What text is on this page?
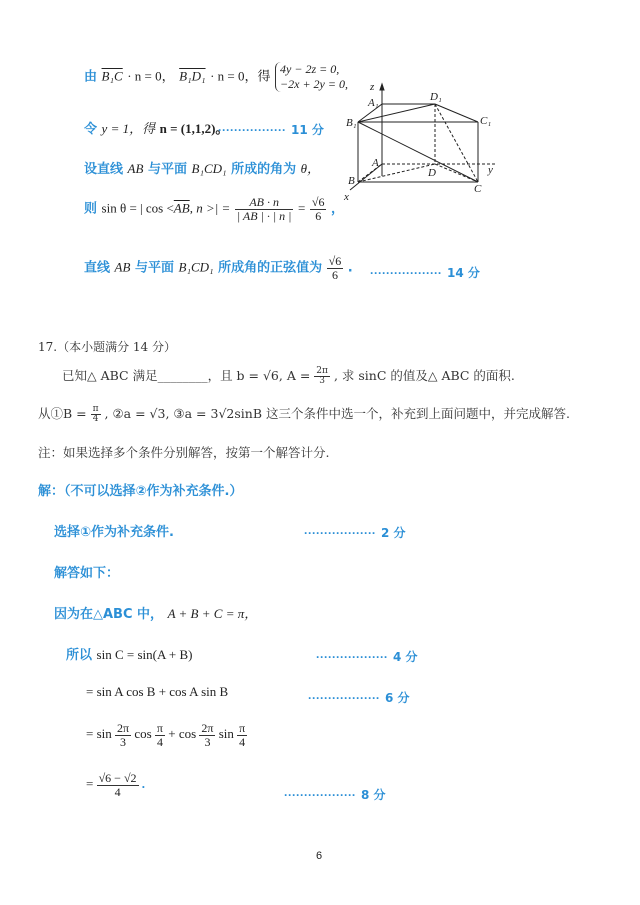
由 B₁C · n = 0， B₁D₁ · n = 0，得 4y − 2z = 0,
−2x + 2y = 0,
令 y = 1，得 n = (1,1,2)。
················· 11 分
设直线 AB 与平面 B₁CD₁ 所成的角为 θ，
则 sin θ = | $\cos <\overline{AB}$, n >| = $\frac{AB \cdot n}{| AB | \cdot | n |} = \frac{√6}{6}$ ，
直线 AB 与平面 B₁CD₁ 所成角的正弦值为 $\frac{√6}{6}$ . ·················· 14 分
z
y
x
A₁	D₁
B₁	C₁
A
D
B
C
17.（本小题满分 14 分）
已知△ ABC 满足________，且 b = √6, $A = \frac{2\pi}{3}$ , 求 sinC 的值及△ ABC 的面积.
从①B = $\frac{\pi}{4}$ , ②a = √3, ③a = 3√2sinB 这三个条件中选一个，补充到上面问题中，并完成解答.
注：如果选择多个条件分别解答，按第一个解答计分.
解：（不可以选择②作为补充条件.）
选择①作为补充条件.	·················· 2 分
解答如下：
因为在△ABC 中， A + B + C = π，
所以 sin C = sin(A + B)	·················· 4 分
= sin A cos B + cos A sin B	·················· 6 分
= $\sin \frac{2\pi}{3}$ $\cos \frac{\pi}{4} + \cos \frac{2\pi}{3}$ $\sin \frac{\pi}{4}$
= $\frac{√6 - √2}{4}$ .
·················· 8 分
6
